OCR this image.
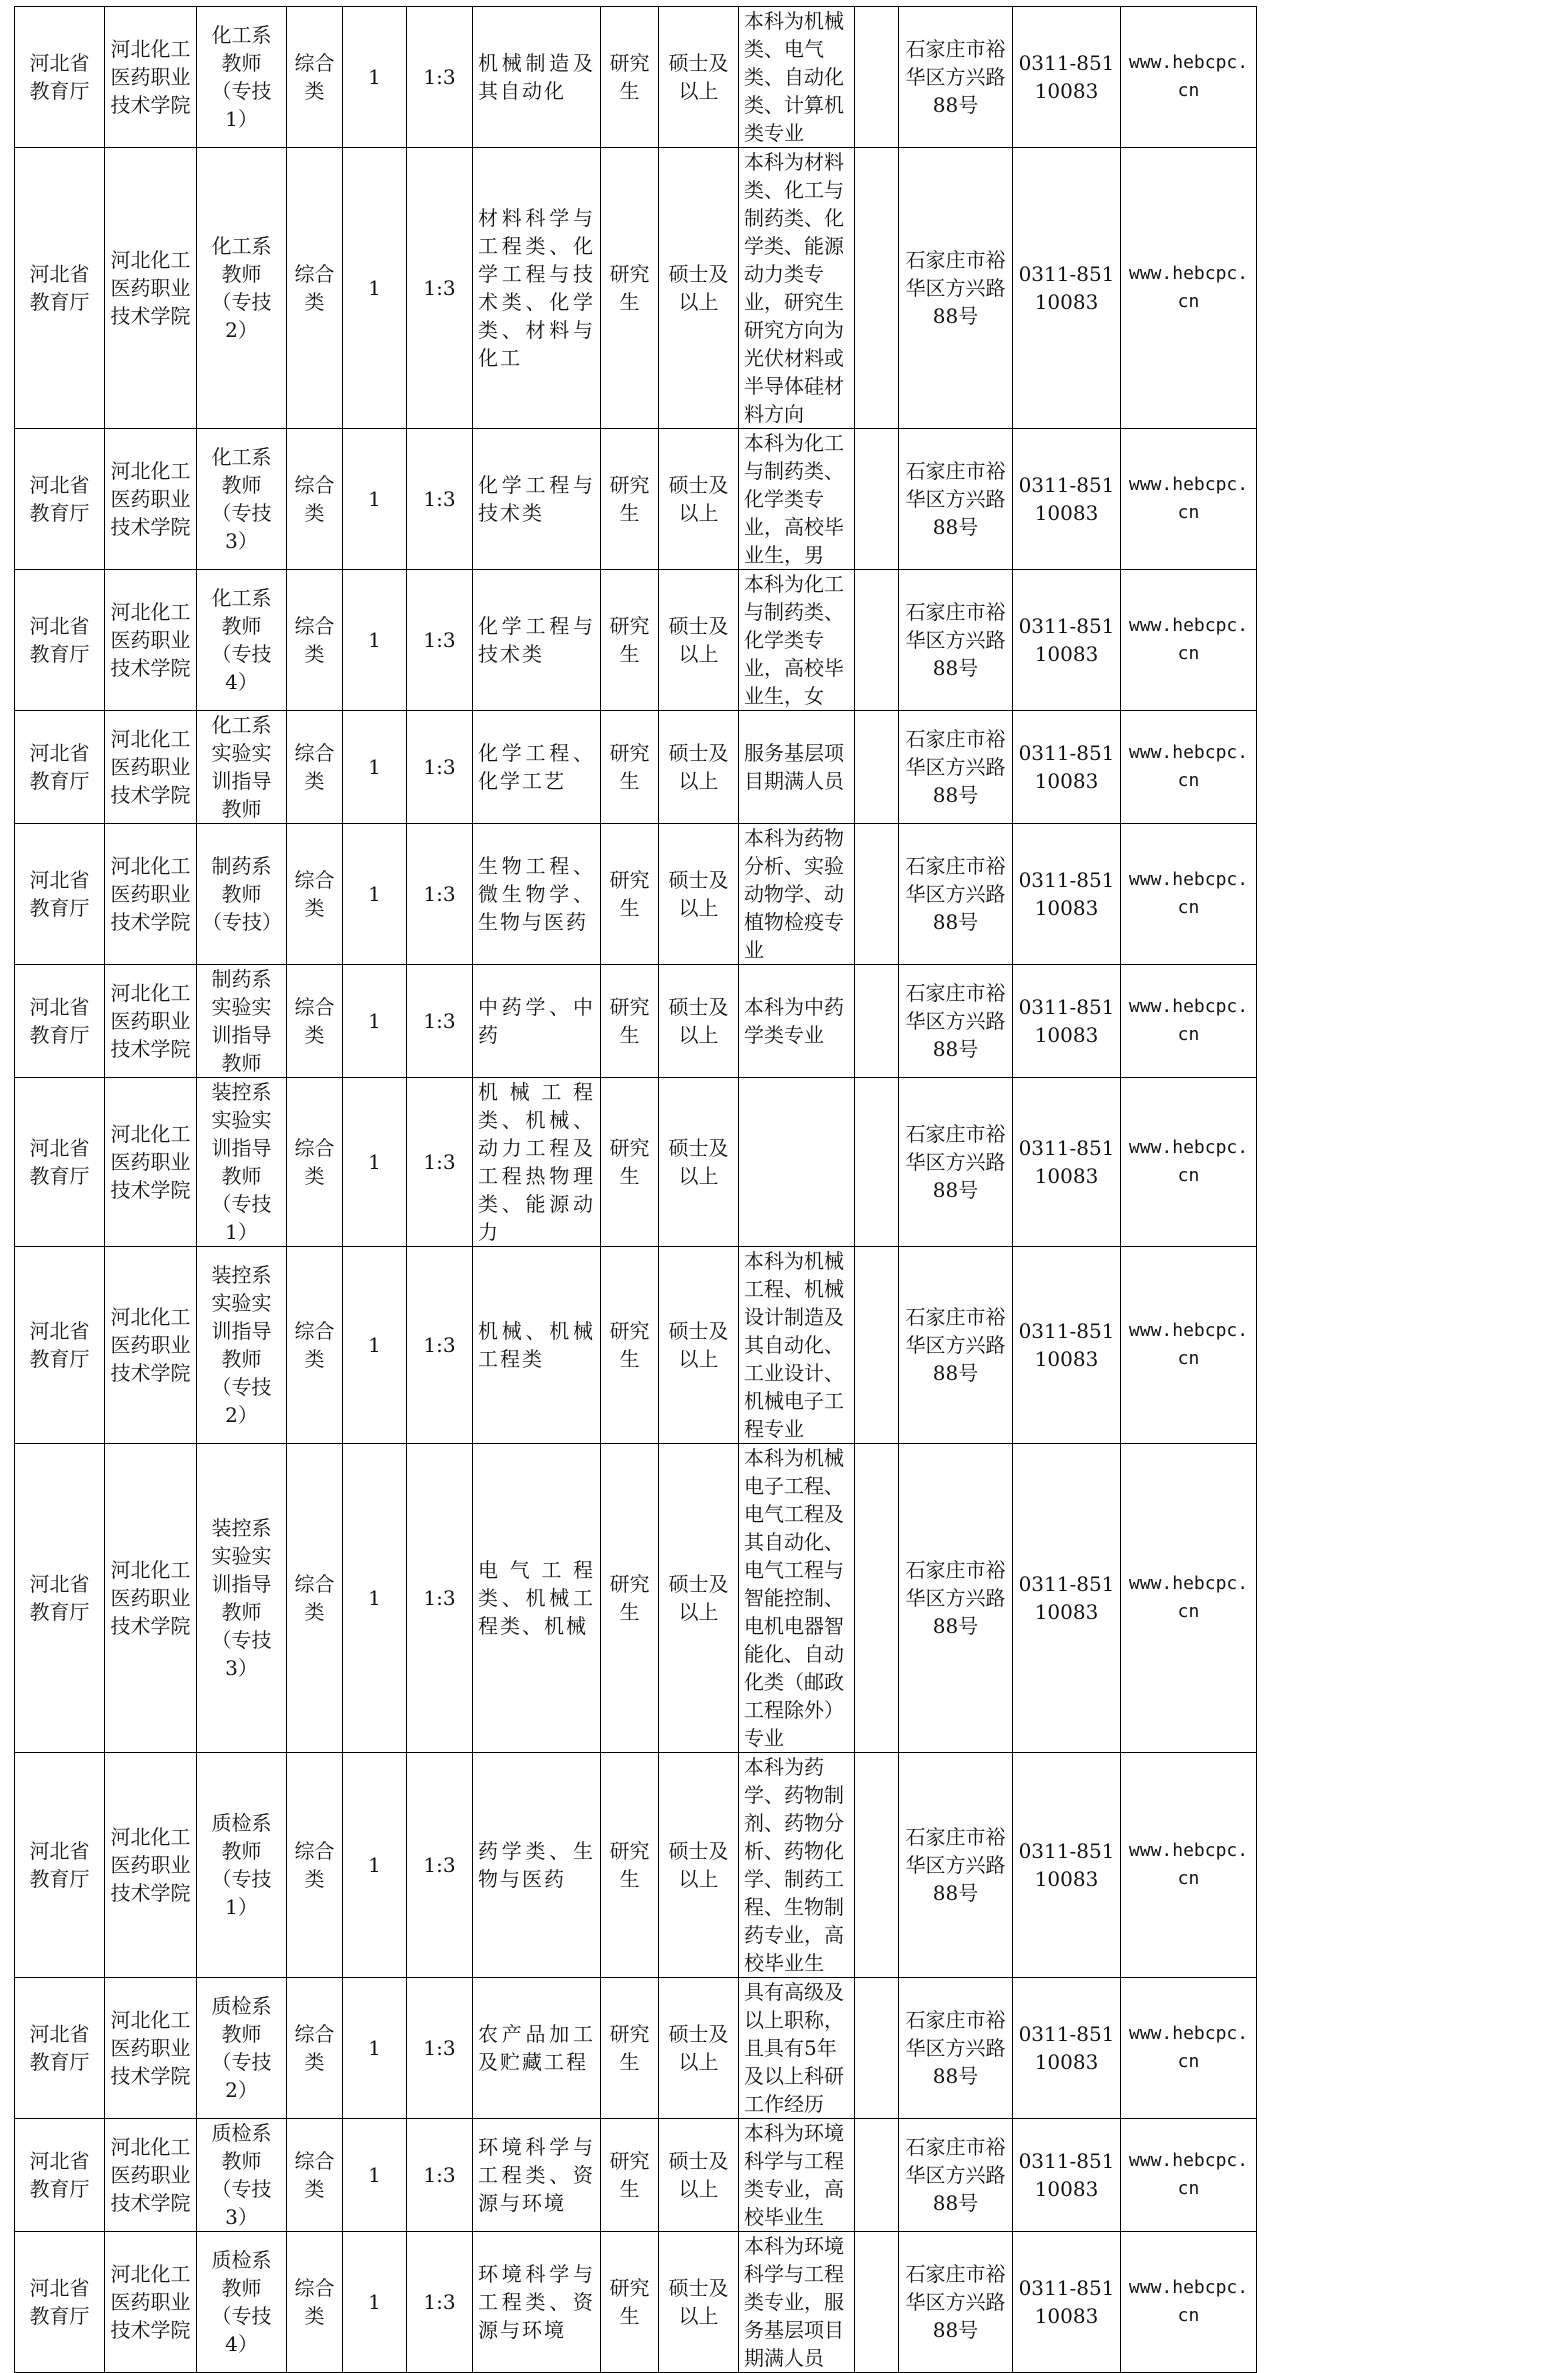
河北省教育厅	河北化工医药职业技术学院	化工系教师（专技1）	综合类	1	1:3	机械制造及其自动化	研究生	硕士及以上	本科为机械类、电气类、自动化类、计算机类专业		石家庄市裕华区方兴路88号	0311-85110083	www.hebcpc.cn

河北省教育厅	河北化工医药职业技术学院	化工系教师（专技2）	综合类	1	1:3	材料科学与工程类、化学工程与技术类、化学类、材料与化工	研究生	硕士及以上	本科为材料类、化工与制药类、化学类、能源动力类专业，研究生研究方向为光伏材料或半导体硅材料方向		石家庄市裕华区方兴路88号	0311-85110083	www.hebcpc.cn

河北省教育厅	河北化工医药职业技术学院	化工系教师（专技3）	综合类	1	1:3	化学工程与技术类	研究生	硕士及以上	本科为化工与制药类、化学类专业，高校毕业生，男		石家庄市裕华区方兴路88号	0311-85110083	www.hebcpc.cn

河北省教育厅	河北化工医药职业技术学院	化工系教师（专技4）	综合类	1	1:3	化学工程与技术类	研究生	硕士及以上	本科为化工与制药类、化学类专业，高校毕业生，女		石家庄市裕华区方兴路88号	0311-85110083	www.hebcpc.cn

河北省教育厅	河北化工医药职业技术学院	化工系实验实训指导教师	综合类	1	1:3	化学工程、化学工艺	研究生	硕士及以上	服务基层项目期满人员		石家庄市裕华区方兴路88号	0311-85110083	www.hebcpc.cn

河北省教育厅	河北化工医药职业技术学院	制药系教师（专技）	综合类	1	1:3	生物工程、微生物学、生物与医药	研究生	硕士及以上	本科为药物分析、实验动物学、动植物检疫专业		石家庄市裕华区方兴路88号	0311-85110083	www.hebcpc.cn

河北省教育厅	河北化工医药职业技术学院	制药系实验实训指导教师	综合类	1	1:3	中药学、中药	研究生	硕士及以上	本科为中药学类专业		石家庄市裕华区方兴路88号	0311-85110083	www.hebcpc.cn

河北省教育厅	河北化工医药职业技术学院	装控系实验实训指导教师（专技1）	综合类	1	1:3	机械工程类、机械、动力工程及工程热物理类、能源动力	研究生	硕士及以上			石家庄市裕华区方兴路88号	0311-85110083	www.hebcpc.cn

河北省教育厅	河北化工医药职业技术学院	装控系实验实训指导教师（专技2）	综合类	1	1:3	机械、机械工程类	研究生	硕士及以上	本科为机械工程、机械设计制造及其自动化、工业设计、机械电子工程专业		石家庄市裕华区方兴路88号	0311-85110083	www.hebcpc.cn

河北省教育厅	河北化工医药职业技术学院	装控系实验实训指导教师（专技3）	综合类	1	1:3	电气工程类、机械工程类、机械	研究生	硕士及以上	本科为机械电子工程、电气工程及其自动化、电气工程与智能控制、电机电器智能化、自动化类（邮政工程除外）专业		石家庄市裕华区方兴路88号	0311-85110083	www.hebcpc.cn

河北省教育厅	河北化工医药职业技术学院	质检系教师（专技1）	综合类	1	1:3	药学类、生物与医药	研究生	硕士及以上	本科为药学、药物制剂、药物分析、药物化学、制药工程、生物制药专业，高校毕业生		石家庄市裕华区方兴路88号	0311-85110083	www.hebcpc.cn

河北省教育厅	河北化工医药职业技术学院	质检系教师（专技2）	综合类	1	1:3	农产品加工及贮藏工程	研究生	硕士及以上	具有高级及以上职称，且具有5年及以上科研工作经历		石家庄市裕华区方兴路88号	0311-85110083	www.hebcpc.cn

河北省教育厅	河北化工医药职业技术学院	质检系教师（专技3）	综合类	1	1:3	环境科学与工程类、资源与环境	研究生	硕士及以上	本科为环境科学与工程类专业，高校毕业生		石家庄市裕华区方兴路88号	0311-85110083	www.hebcpc.cn

河北省教育厅	河北化工医药职业技术学院	质检系教师（专技4）	综合类	1	1:3	环境科学与工程类、资源与环境	研究生	硕士及以上	本科为环境科学与工程类专业，服务基层项目期满人员		石家庄市裕华区方兴路88号	0311-85110083	www.hebcpc.cn
